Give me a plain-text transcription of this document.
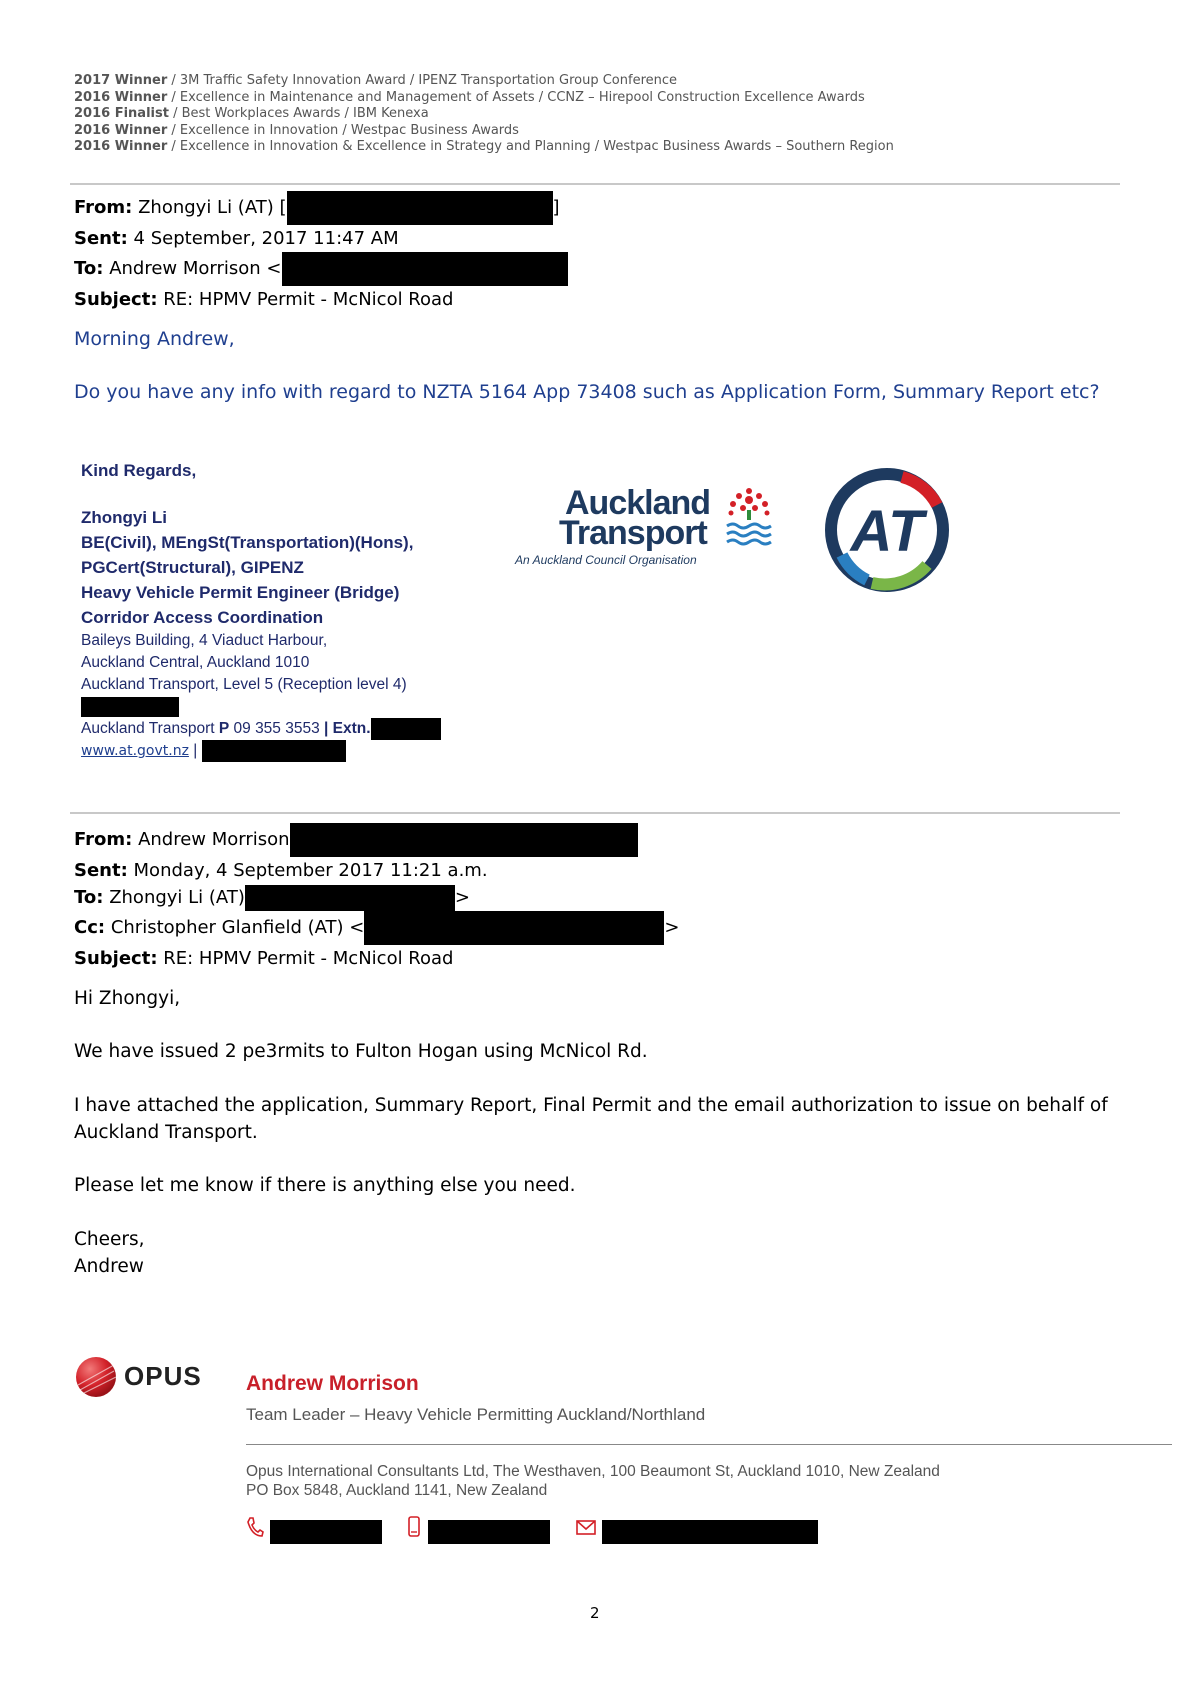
2017 Winner / 3M Traffic Safety Innovation Award / IPENZ Transportation Group Conference
2016 Winner / Excellence in Maintenance and Management of Assets / CCNZ – Hirepool Construction Excellence Awards
2016 Finalist / Best Workplaces Awards / IBM Kenexa
2016 Winner / Excellence in Innovation / Westpac Business Awards
2016 Winner / Excellence in Innovation & Excellence in Strategy and Planning / Westpac Business Awards – Southern Region
From: Zhongyi Li (AT) [	]
Sent: 4 September, 2017 11:47 AM
To: Andrew Morrison <
Subject: RE: HPMV Permit - McNicol Road
Morning Andrew,
Do you have any info with regard to NZTA 5164 App 73408 such as Application Form, Summary Report etc?
Kind Regards,
Zhongyi Li
BE(Civil), MEngSt(Transportation)(Hons),
PGCert(Structural), GIPENZ
Heavy Vehicle Permit Engineer (Bridge)
Corridor Access Coordination
Baileys Building, 4 Viaduct Harbour,
Auckland Central, Auckland 1010
Auckland Transport, Level 5 (Reception level 4)
Auckland Transport P 09 355 3553 | Extn.
www.at.govt.nz |
Auckland
Transport
An Auckland Council Organisation	AT
From: Andrew Morrison
Sent: Monday, 4 September 2017 11:21 a.m.
To: Zhongyi Li (AT)	>
Cc: Christopher Glanfield (AT) <	>
Subject: RE: HPMV Permit - McNicol Road
Hi Zhongyi,
We have issued 2 pe3rmits to Fulton Hogan using McNicol Rd.
I have attached the application, Summary Report, Final Permit and the email authorization to issue on behalf of
Auckland Transport.
Please let me know if there is anything else you need.
Cheers,
Andrew
OPUS Andrew Morrison
Team Leader – Heavy Vehicle Permitting Auckland/Northland
Opus International Consultants Ltd, The Westhaven, 100 Beaumont St, Auckland 1010, New Zealand
PO Box 5848, Auckland 1141, New Zealand
2
